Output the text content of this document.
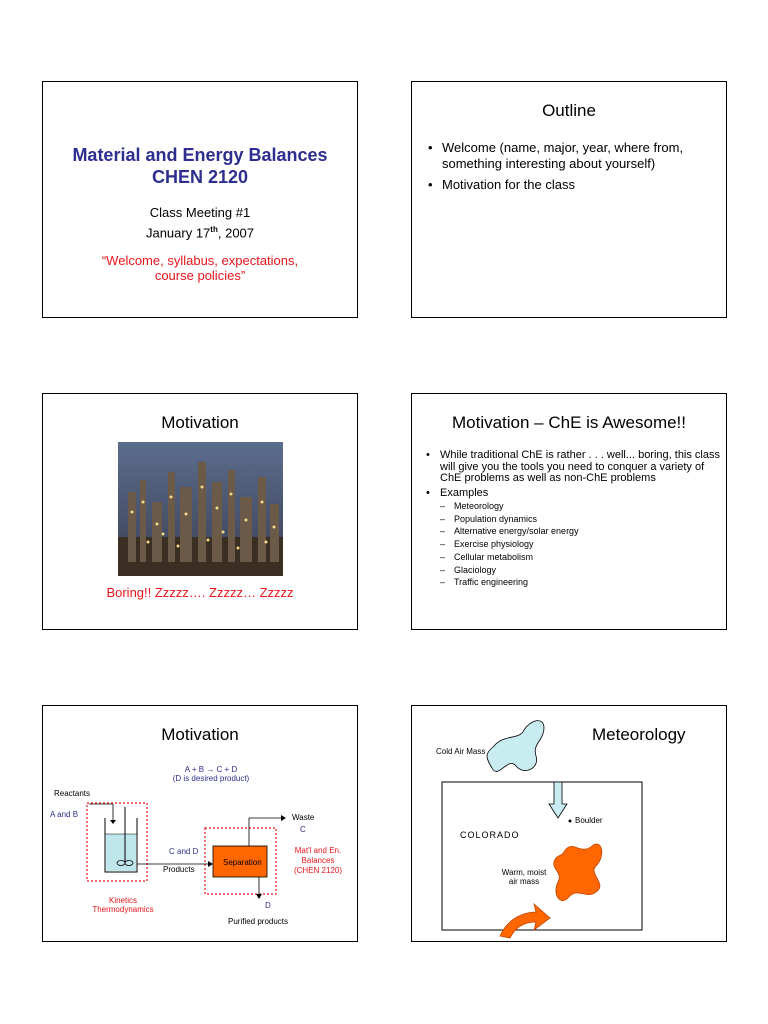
Material and Energy Balances
CHEN 2120
Class Meeting #1
January 17th, 2007
“Welcome, syllabus, expectations,
course policies”
Outline
• Welcome (name, major, year, where from, something interesting about yourself)
• Motivation for the class
Motivation
Boring!! Zzzzz…. Zzzzz… Zzzzz
Motivation – ChE is Awesome!!
• While traditional ChE is rather . . . well... boring, this class will give you the tools you need to conquer a variety of ChE problems as well as non-ChE problems
• Examples
– Meteorology
– Population dynamics
– Alternative energy/solar energy
– Exercise physiology
– Cellular metabolism
– Glaciology
– Traffic engineering
Motivation
A + B → C + D
(D is desired product)
Reactants
A and B
C and D
Products
Separation
Waste
C
D
Purified products
Kinetics
Thermodynamics
Mat'l and En.
Balances
(CHEN 2120)
Meteorology
Cold Air Mass
Boulder
COLORADO
Warm, moist
air mass
